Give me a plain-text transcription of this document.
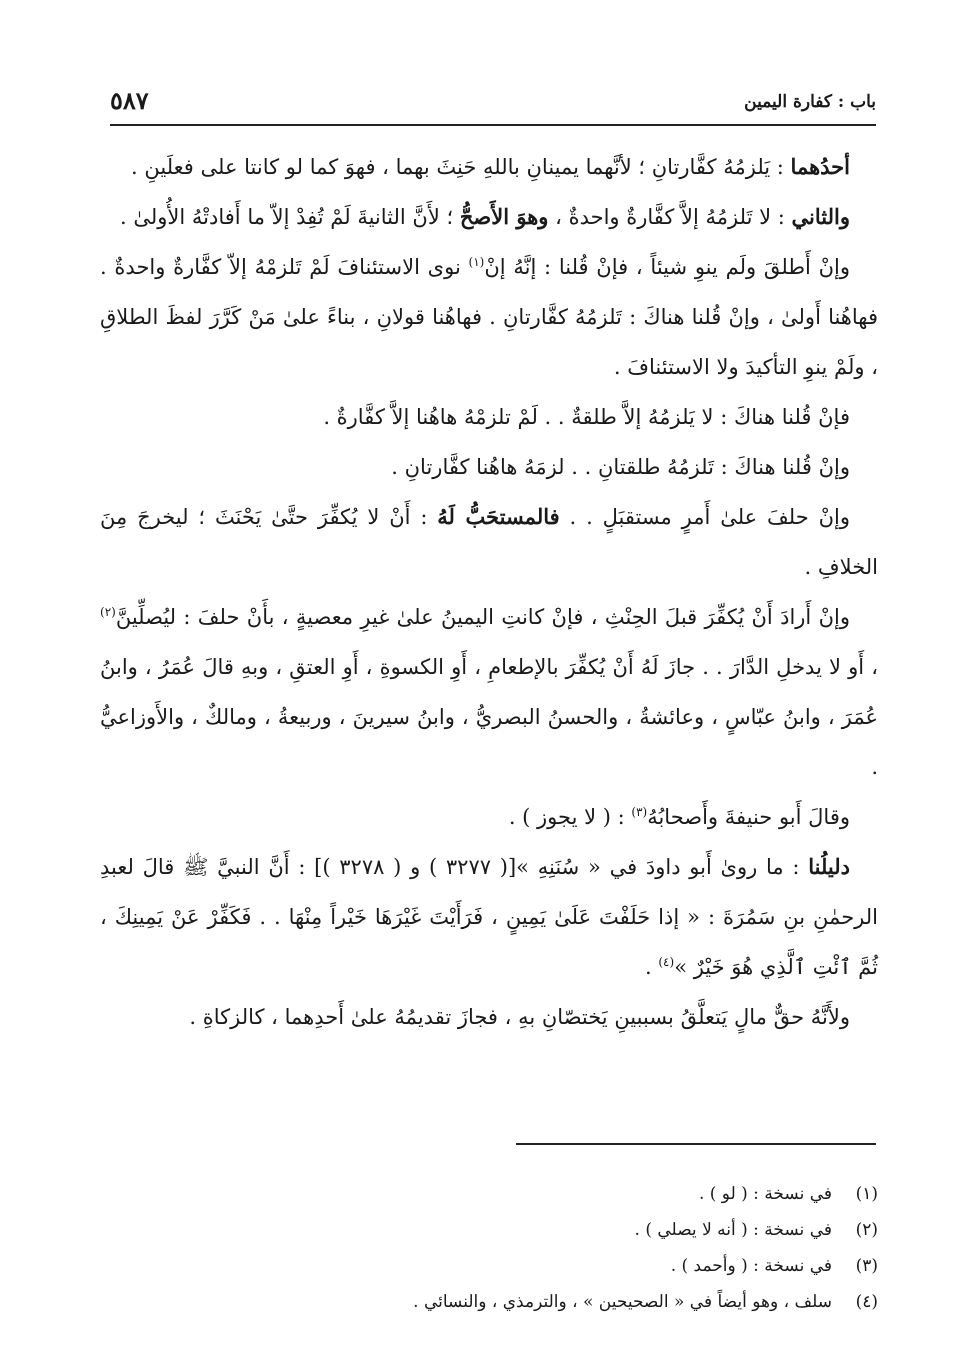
باب : كفارة اليمين
٥٨٧

أحدُهما : يَلزمُهُ كفَّارتانِ ؛ لأنَّهما يمينانِ باللهِ حَنِثَ بهما ، فهوَ كما لو كانتا على فعلَينِ .

والثاني : لا تَلزمُهُ إلاَّ كفَّارةٌ واحدةٌ ، وهوَ الأَصحُّ ؛ لأَنَّ الثانيةَ لَمْ تُفِدْ إلاّ ما أَفادتْهُ الأُولىٰ .

وإنْ أَطلقَ ولَم ينوِ شيئاً ، فإنْ قُلنا : إنَّهُ إنْ$^{(١)}$ نوى الاستئنافَ لَمْ تَلزمْهُ إلاّ كفَّارةٌ واحدةٌ . فهاهُنا أَولىٰ ، وإنْ قُلنا هناكَ : تَلزمُهُ كفَّارتانِ . فهاهُنا قولانِ ، بناءً علىٰ مَنْ كَرَّرَ لفظَ الطلاقِ ، ولَمْ ينوِ التأكيدَ ولا الاستئنافَ .

فإنْ قُلنا هناكَ : لا يَلزمُهُ إلاَّ طلقةٌ . . لَمْ تلزمْهُ هاهُنا إلاَّ كفَّارةٌ .

وإنْ قُلنا هناكَ : تَلزمُهُ طلقتانِ . . لزمَهُ هاهُنا كفَّارتانِ .

وإنْ حلفَ علىٰ أَمرٍ مستقبَلٍ . . فالمستحَبُّ لَهُ : أَنْ لا يُكفِّرَ حتَّىٰ يَحْنَثَ ؛ ليخرجَ مِنَ الخلافِ .

وإنْ أَرادَ أَنْ يُكفِّرَ قبلَ الحِنْثِ ، فإنْ كانتِ اليمينُ علىٰ غيرِ معصيةٍ ، بأَنْ حلفَ : ليُصلِّينَّ$^{(٢)}$ ، أَو لا يدخلِ الدَّارَ . . جازَ لَهُ أَنْ يُكفِّرَ بالإطعامِ ، أَوِ الكسوةِ ، أَوِ العتقِ ، وبهِ قالَ عُمَرُ ، وابنُ عُمَرَ ، وابنُ عبّاسٍ ، وعائشةُ ، والحسنُ البصريُّ ، وابنُ سيرينَ ، وربيعةُ ، ومالكٌ ، والأَوزاعيُّ .

وقالَ أَبو حنيفةَ وأَصحابُهُ$^{(٣)}$ : ( لا يجوز ) .

دليلُنا : ما روىٰ أَبو داودَ في « سُنَنِهِ »[( ٣٢٧٧ ) و ( ٣٢٧٨ )] : أَنَّ النبيَّ ﷺ قالَ لعبدِ الرحمٰنِ بنِ سَمُرَةَ : « إذا حَلَفْتَ عَلَىٰ يَمِينٍ ، فَرَأَيْتَ غَيْرَهَا خَيْراً مِنْهَا . . فَكَفِّرْ عَنْ يَمِينِكَ ، ثُمَّ ٱئْتِ ٱلَّذِي هُوَ خَيْرٌ »$^{(٤)}$ .

ولأَنَّهُ حقٌّ مالٍ يَتعلَّقُ بسببينِ يَختصّانِ بهِ ، فجازَ تقديمُهُ علىٰ أَحدِهما ، كالزكاةِ .

(١)
في نسخة : ( لو ) .
(٢)
في نسخة : ( أنه لا يصلي ) .
(٣)
في نسخة : ( وأحمد ) .
(٤)
سلف ، وهو أيضاً في « الصحيحين » ، والترمذي ، والنسائي .
